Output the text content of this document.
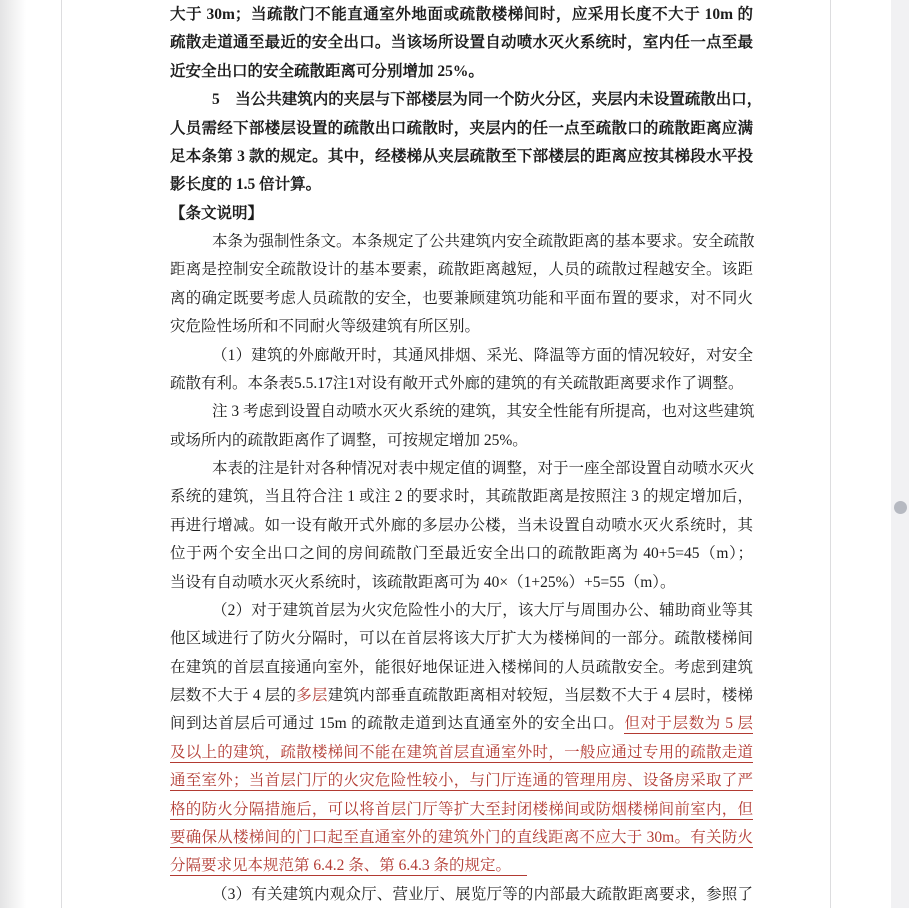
大于 30m；当疏散门不能直通室外地面或疏散楼梯间时，应采用长度不大于 10m 的
疏散走道通至最近的安全出口。当该场所设置自动喷水灭火系统时，室内任一点至最
近安全出口的安全疏散距离可分别增加 25%。
5　当公共建筑内的夹层与下部楼层为同一个防火分区，夹层内未设置疏散出口，
人员需经下部楼层设置的疏散出口疏散时，夹层内的任一点至疏散口的疏散距离应满
足本条第 3 款的规定。其中，经楼梯从夹层疏散至下部楼层的距离应按其梯段水平投
影长度的 1.5 倍计算。
【条文说明】
本条为强制性条文。本条规定了公共建筑内安全疏散距离的基本要求。安全疏散
距离是控制安全疏散设计的基本要素，疏散距离越短，人员的疏散过程越安全。该距
离的确定既要考虑人员疏散的安全，也要兼顾建筑功能和平面布置的要求，对不同火
灾危险性场所和不同耐火等级建筑有所区别。
（1）建筑的外廊敞开时，其通风排烟、采光、降温等方面的情况较好，对安全
疏散有利。本条表5.5.17注1对设有敞开式外廊的建筑的有关疏散距离要求作了调整。
注 3 考虑到设置自动喷水灭火系统的建筑，其安全性能有所提高，也对这些建筑
或场所内的疏散距离作了调整，可按规定增加 25%。
本表的注是针对各种情况对表中规定值的调整，对于一座全部设置自动喷水灭火
系统的建筑，当且符合注 1 或注 2 的要求时，其疏散距离是按照注 3 的规定增加后，
再进行增减。如一设有敞开式外廊的多层办公楼，当未设置自动喷水灭火系统时，其
位于两个安全出口之间的房间疏散门至最近安全出口的疏散距离为 40+5=45（m）；
当设有自动喷水灭火系统时，该疏散距离可为 40×（1+25%）+5=55（m）。
（2）对于建筑首层为火灾危险性小的大厅，该大厅与周围办公、辅助商业等其
他区域进行了防火分隔时，可以在首层将该大厅扩大为楼梯间的一部分。疏散楼梯间
在建筑的首层直接通向室外，能很好地保证进入楼梯间的人员疏散安全。考虑到建筑
层数不大于 4 层的多层建筑内部垂直疏散距离相对较短，当层数不大于 4 层时，楼梯
间到达首层后可通过 15m 的疏散走道到达直通室外的安全出口。但对于层数为 5 层
及以上的建筑，疏散楼梯间不能在建筑首层直通室外时，一般应通过专用的疏散走道
通至室外；当首层门厅的火灾危险性较小，与门厅连通的管理用房、设备房采取了严
格的防火分隔措施后，可以将首层门厅等扩大至封闭楼梯间或防烟楼梯间前室内，但
要确保从楼梯间的门口起至直通室外的建筑外门的直线距离不应大于 30m。有关防火
分隔要求见本规范第 6.4.2 条、第 6.4.3 条的规定。
（3）有关建筑内观众厅、营业厅、展览厅等的内部最大疏散距离要求，参照了
